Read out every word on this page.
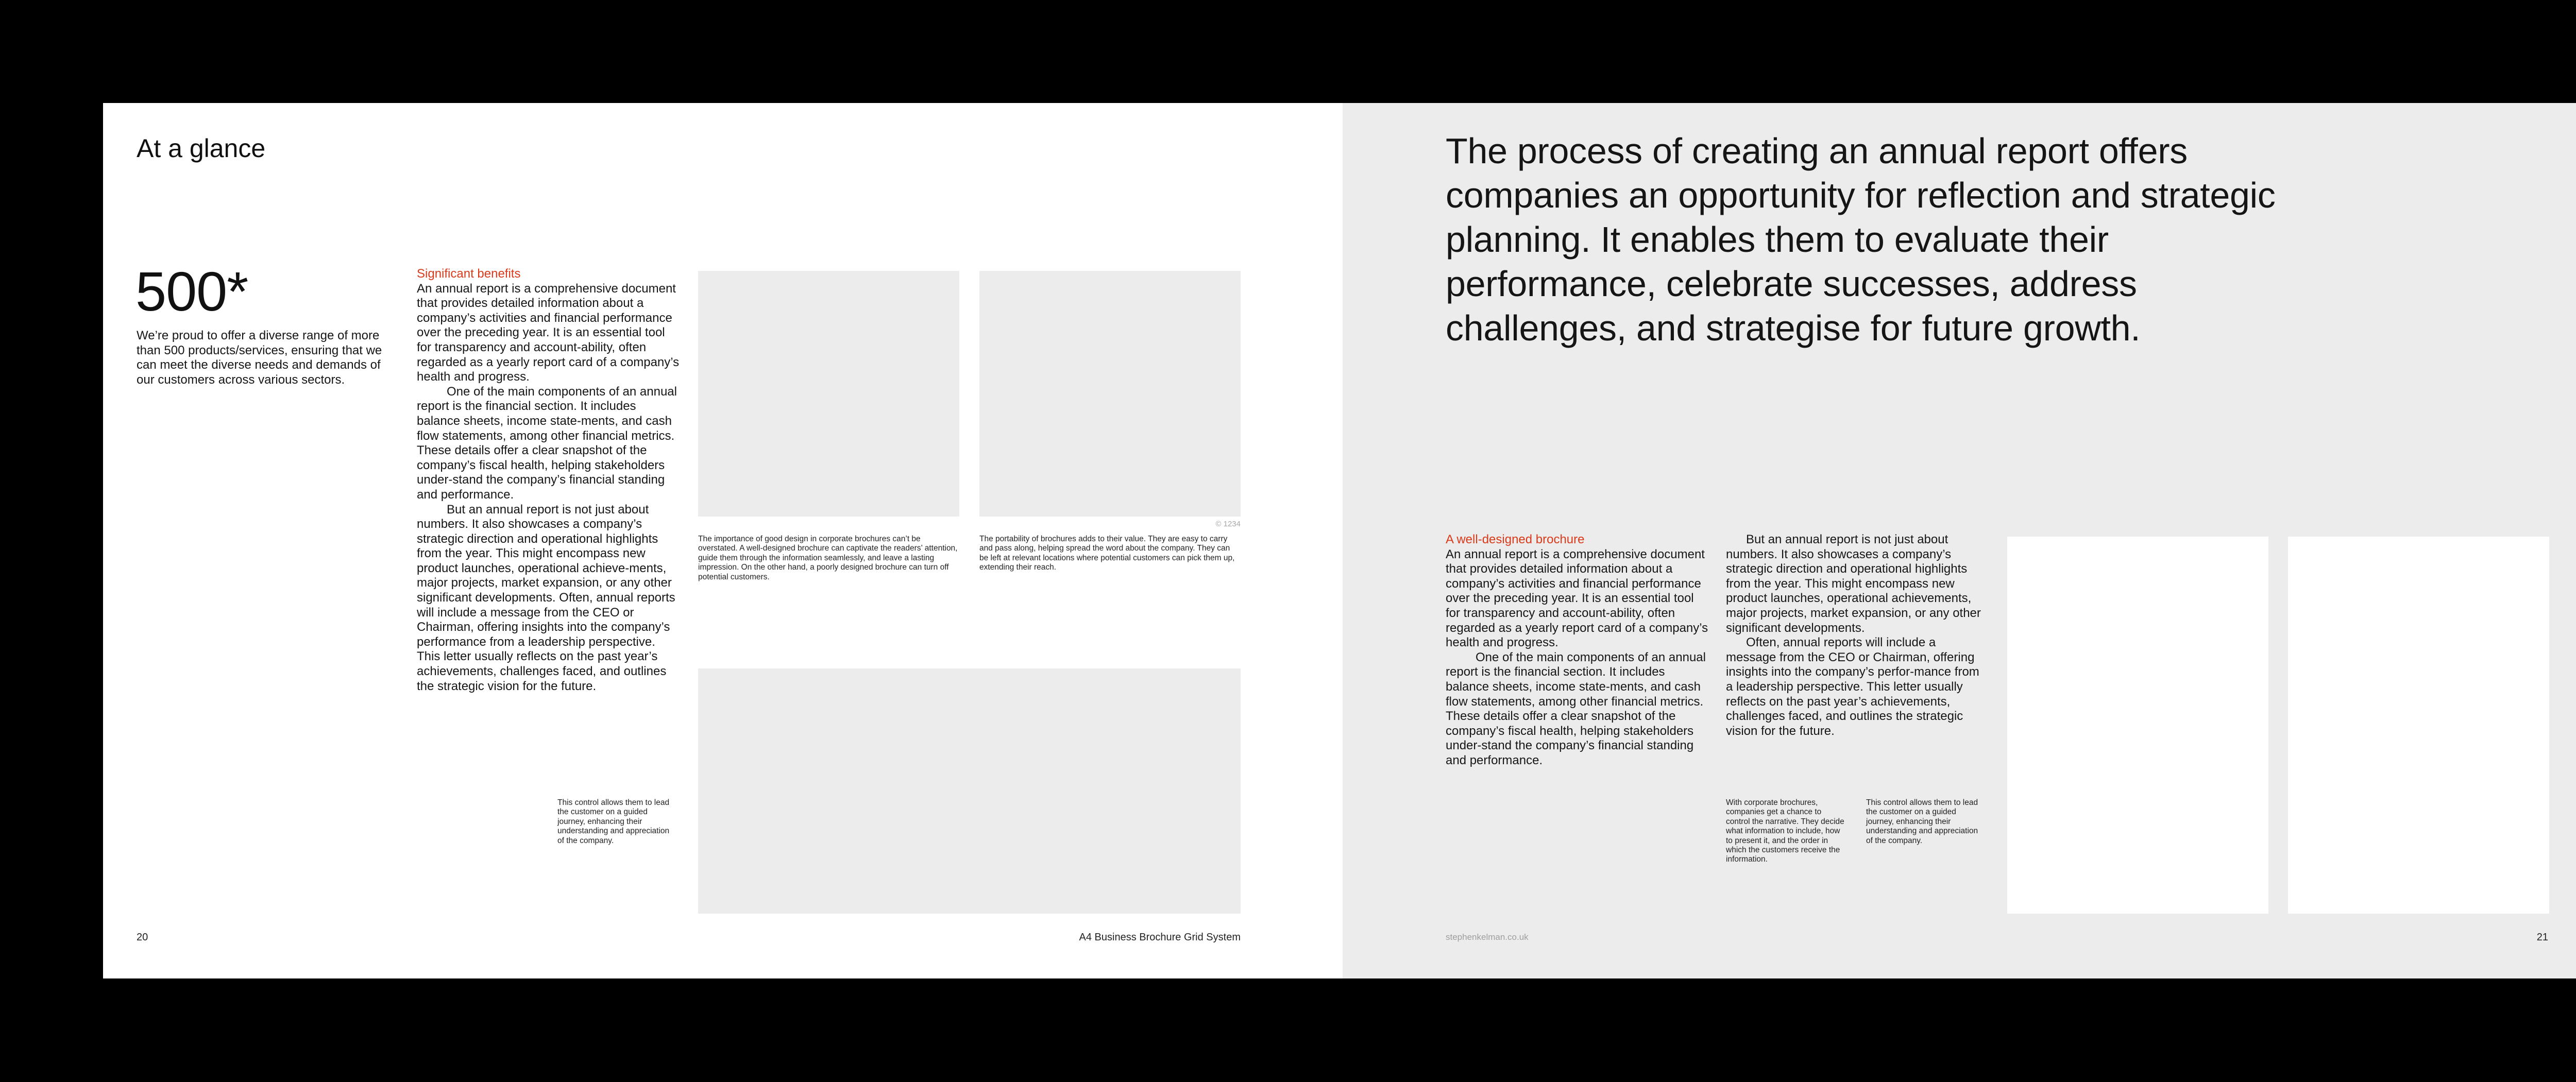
At a glance
500*
We’re proud to offer a diverse range of more than 500 products/services, ensuring that we can meet the diverse needs and demands of our customers across various sectors.
Significant benefits

An annual report is a comprehensive document that provides detailed information about a company’s activities and financial performance over the preceding year. It is an essential tool for transparency and account-ability, often regarded as a yearly report card of a company’s health and progress.

One of the main components of an annual report is the financial section. It includes balance sheets, income state-ments, and cash flow statements, among other financial metrics. These details offer a clear snapshot of the company’s fiscal health, helping stakeholders under-stand the company’s financial standing and performance.

But an annual report is not just about numbers. It also showcases a company’s strategic direction and operational highlights from the year. This might encompass new product launches, operational achieve-ments, major projects, market expansion, or any other significant developments. Often, annual reports will include a message from the CEO or Chairman, offering insights into the company’s performance from a leadership perspective. This letter usually reflects on the past year’s achievements, challenges faced, and outlines the strategic vision for the future.

© 1234
The importance of good design in corporate brochures can’t be overstated. A well-designed brochure can captivate the readers’ attention, guide them through the information seamlessly, and leave a lasting impression. On the other hand, a poorly designed brochure can turn off potential customers.
The portability of brochures adds to their value. They are easy to carry and pass along, helping spread the word about the company. They can be left at relevant locations where potential customers can pick them up, extending their reach.
This control allows them to lead the customer on a guided journey, enhancing their understanding and appreciation of the company.
20	A4 Business Brochure Grid System
The process of creating an annual report offers companies an opportunity for reflection and strategic planning. It enables them to evaluate their performance, celebrate successes, address challenges, and strategise for future growth.
A well-designed brochure

An annual report is a comprehensive document that provides detailed information about a company’s activities and financial performance over the preceding year. It is an essential tool for transparency and account-ability, often regarded as a yearly report card of a company’s health and progress.

One of the main components of an annual report is the financial section. It includes balance sheets, income state-ments, and cash flow statements, among other financial metrics. These details offer a clear snapshot of the company’s fiscal health, helping stakeholders under-stand the company’s financial standing and performance.

But an annual report is not just about numbers. It also showcases a company’s strategic direction and operational highlights from the year. This might encompass new product launches, operational achievements, major projects, market expansion, or any other significant developments.

Often, annual reports will include a message from the CEO or Chairman, offering insights into the company’s perfor-mance from a leadership perspective. This letter usually reflects on the past year’s achievements, challenges faced, and outlines the strategic vision for the future.

With corporate brochures, companies get a chance to control the narrative. They decide what information to include, how to present it, and the order in which the customers receive the information.
This control allows them to lead the customer on a guided journey, enhancing their understanding and appreciation of the company.
stephenkelman.co.uk	21
